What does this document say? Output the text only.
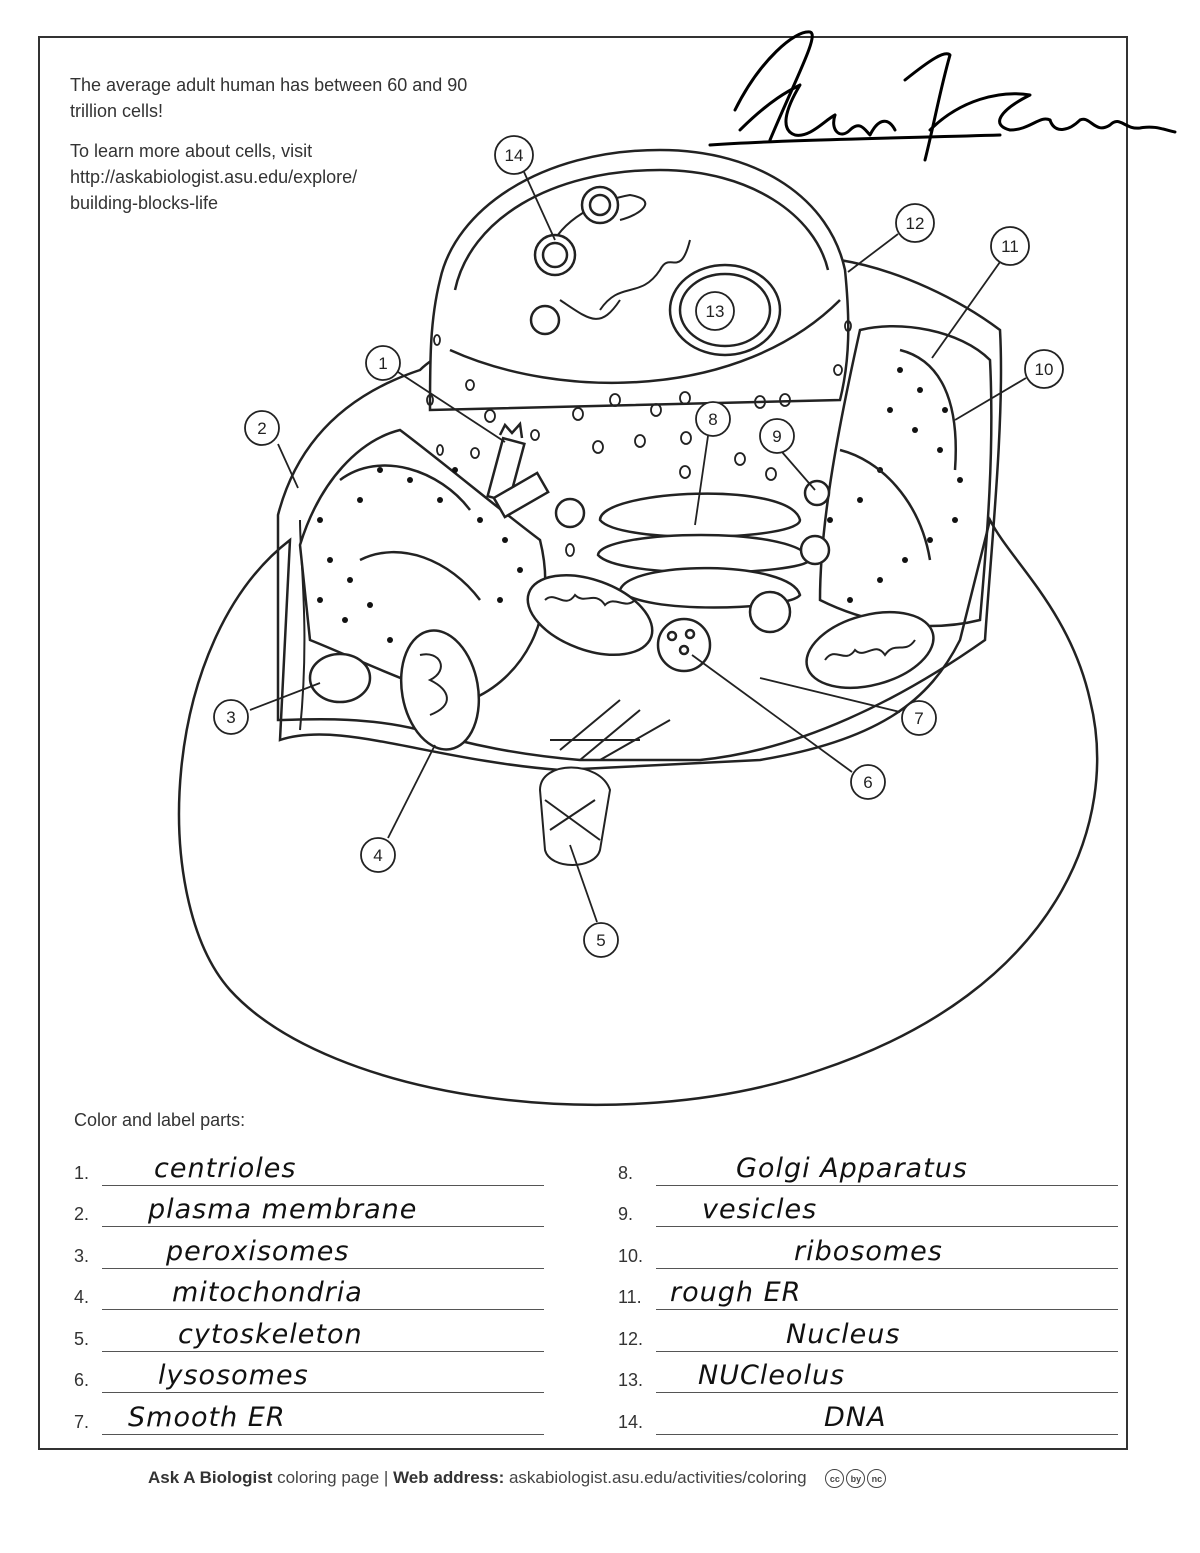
The average adult human has between 60 and 90 trillion cells!

To learn more about cells, visit
http://askabiologist.asu.edu/explore/
building-blocks-life

1
2
3
4
5
6
7
8
9
10
11
12
13
14
Color and label parts:
1. centrioles
2. plasma membrane
3.	peroxisomes
4.	mitochondria
5.	cytoskeleton
6.	lysosomes
7. Smooth ER
8.	Golgi Apparatus
9.	vesicles
10.	ribosomes
11. rough ER
12.	Nucleus
13. NUCleolus
14.	DNA
Ask A Biologist coloring page | Web address: askabiologist.asu.edu/activities/coloring	cc	by	nc
